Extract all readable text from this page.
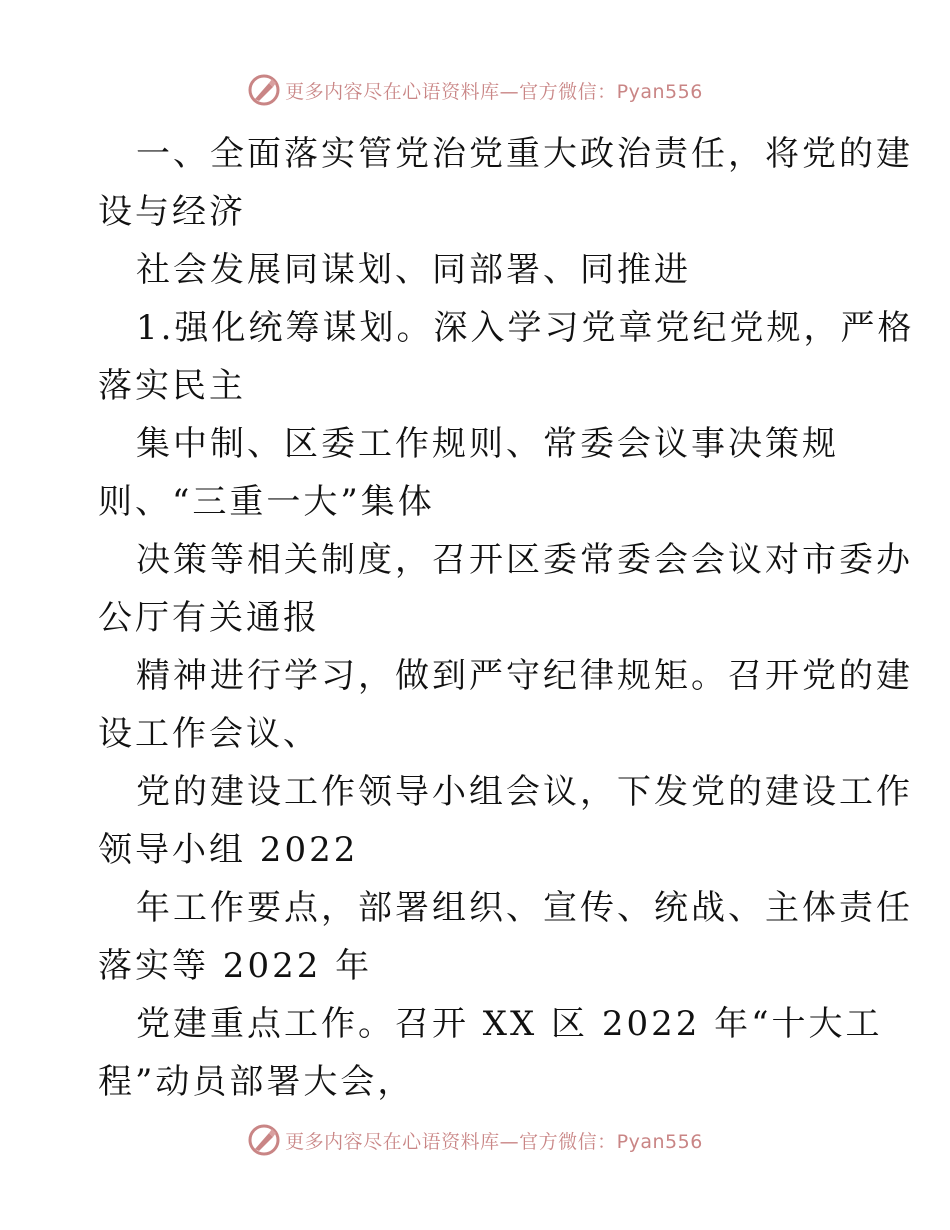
更多内容尽在心语资料库—官方微信：Pyan556
一、全面落实管党治党重大政治责任，将党的建
设与经济
社会发展同谋划、同部署、同推进
1.强化统筹谋划。深入学习党章党纪党规，严格
落实民主
集中制、区委工作规则、常委会议事决策规
则、“三重一大”集体
决策等相关制度，召开区委常委会会议对市委办
公厅有关通报
精神进行学习，做到严守纪律规矩。召开党的建
设工作会议、
党的建设工作领导小组会议，下发党的建设工作
领导小组 2022
年工作要点，部署组织、宣传、统战、主体责任
落实等 2022 年
党建重点工作。召开 XX 区 2022 年“十大工
程”动员部署大会，
更多内容尽在心语资料库—官方微信：Pyan556
